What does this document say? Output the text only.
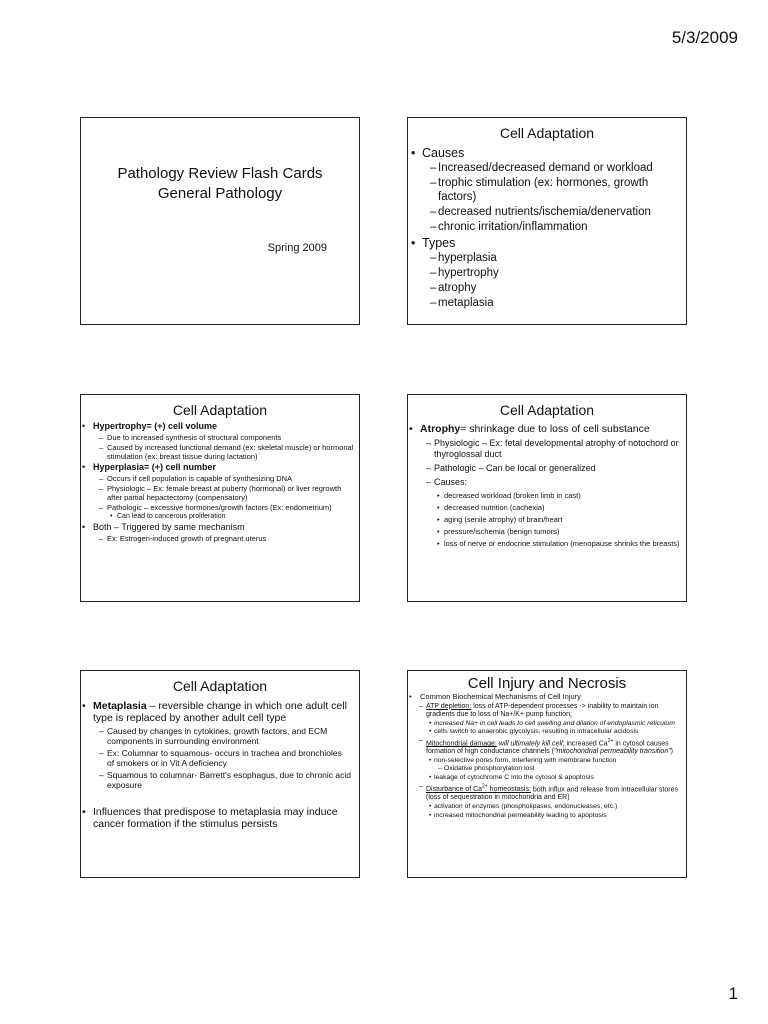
5/3/2009
Pathology Review Flash Cards
General Pathology
Spring 2009
Cell Adaptation
• Causes
– Increased/decreased demand or workload
– trophic stimulation (ex: hormones, growth factors)
– decreased nutrients/ischemia/denervation
– chronic irritation/inflammation
• Types
– hyperplasia
– hypertrophy
– atrophy
– metaplasia
Cell Adaptation
• Hypertrophy= (+) cell volume
– Due to increased synthesis of structural components
– Caused by increased functional demand (ex: skeletal muscle) or hormonal stimulation (ex: breast tissue during lactation)
• Hyperplasia= (+) cell number
– Occurs if cell population is capable of synthesizing DNA
– Physiologic – Ex: female breast at puberty (hormonal) or liver regrowth after partial hepactectomy (compensatory)
– Pathologic – excessive hormones/growth factors (Ex: endometrium)
• Can lead to cancerous proliferation
• Both – Triggered by same mechanism
– Ex: Estrogen-induced growth of pregnant uterus
Cell Adaptation
• Atrophy= shrinkage due to loss of cell substance
– Physiologic – Ex: fetal developmental atrophy of notochord or thyroglossal duct
– Pathologic – Can be local or generalized
– Causes:
• decreased workload (broken limb in cast)
• decreased nutrition (cachexia)
• aging (senile atrophy) of brain/heart
• pressure/ischemia (benign tumors)
• loss of nerve or endocrine stimulation (menopause shrinks the breasts)
Cell Adaptation
• Metaplasia – reversible change in which one adult cell type is replaced by another adult cell type
– Caused by changes in cytokines, growth factors, and ECM components in surrounding environment
– Ex: Columnar to squamous- occurs in trachea and bronchioles of smokers or in Vit A deficiency
– Squamous to columnar- Barrett's esophagus, due to chronic acid exposure
• Influences that predispose to metaplasia may induce cancer formation if the stimulus persists
Cell Injury and Necrosis
• Common Biochemical Mechanisms of Cell Injury
– ATP depletion: loss of ATP-dependent processes -> inability to maintain ion gradients due to loss of Na+/K+ pump function;
• increased Na+ in cell leads to cell swelling and dilation of endoplasmic reticulum
• cells switch to anaerobic glycolysis, resulting in intracellular acidosis
– Mitochondrial damage: will ultimately kill cell; increased $Ca^{2+}$ in cytosol causes formation of high conductance channels ("mitochondrial permeability transition")
• non-selective pores form, interfering with membrane function
– Oxidative phosphorylation lost
• leakage of cytochrome C into the cytosol & apoptosis
– Disturbance of $Ca^{2+}$ homeostasis: both influx and release from intracellular stores (loss of sequestration in mitochondria and ER)
• activation of enzymes (phospholipases, endonucleases, etc.)
• increased mitochondrial permeability leading to apoptosis
1
